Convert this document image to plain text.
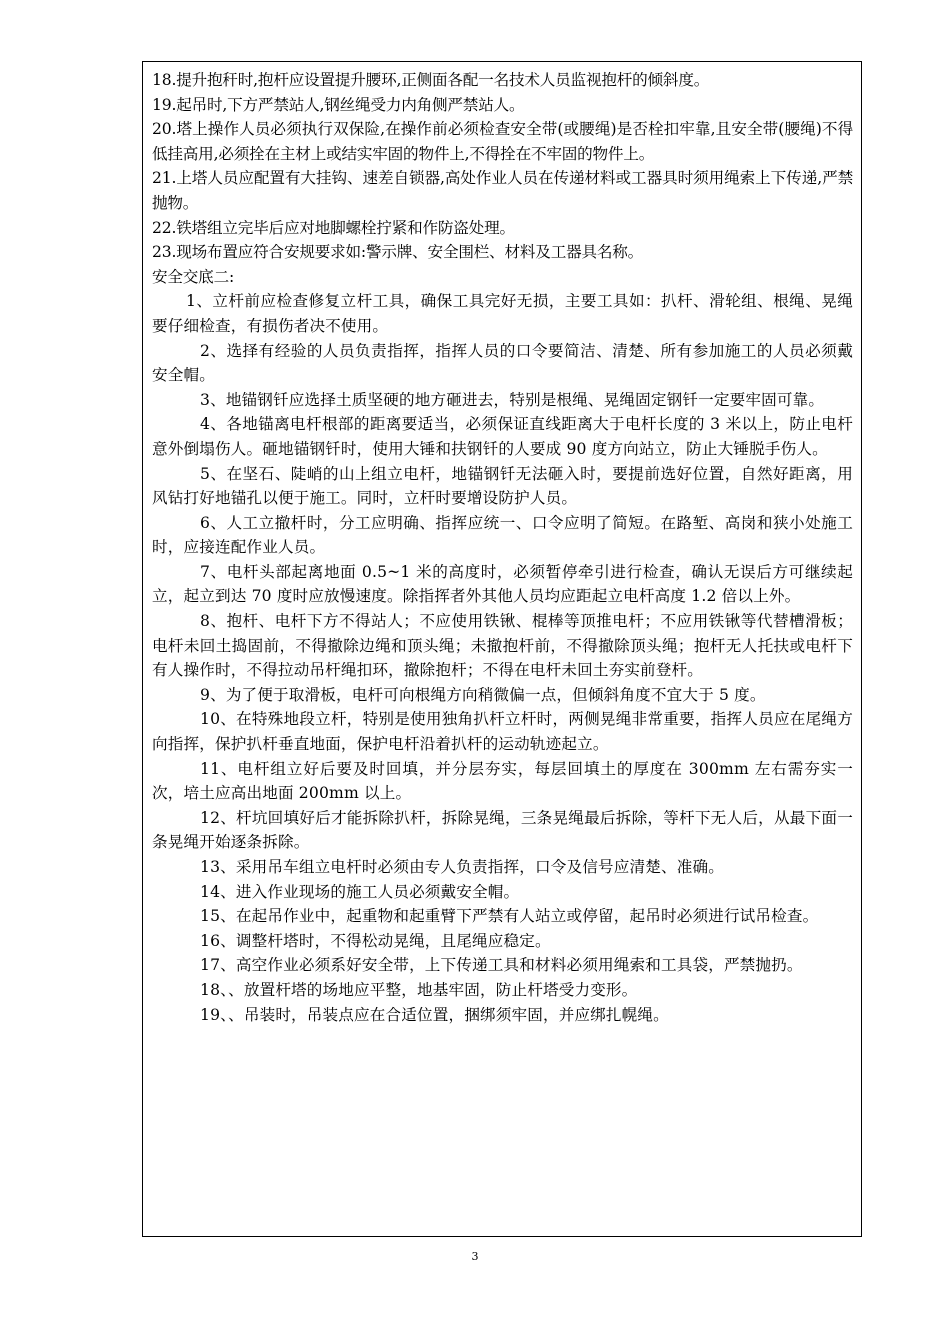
18.提升抱秆时,抱杆应设置提升腰环,正侧面各配一名技术人员监视抱杆的倾斜度。

19.起吊时,下方严禁站人,钢丝绳受力内角侧严禁站人。

20.塔上操作人员必须执行双保险,在操作前必须检查安全带(或腰绳)是否栓扣牢靠,且安全带(腰绳)不得低挂高用,必须拴在主材上或结实牢固的物件上,不得拴在不牢固的物件上。

21.上塔人员应配置有大挂钩、速差自锁器,高处作业人员在传递材料或工器具时须用绳索上下传递,严禁抛物。

22.铁塔组立完毕后应对地脚螺栓拧紧和作防盗处理。

23.现场布置应符合安规要求如:警示牌、安全围栏、材料及工器具名称。

安全交底二:

1、立杆前应检查修复立杆工具，确保工具完好无损，主要工具如：扒杆、滑轮组、根绳、晃绳要仔细检查，有损伤者决不使用。

2、选择有经验的人员负责指挥，指挥人员的口令要简洁、清楚、所有参加施工的人员必须戴安全帽。

3、地锚钢钎应选择土质坚硬的地方砸进去，特别是根绳、晃绳固定钢钎一定要牢固可靠。

4、各地锚离电杆根部的距离要适当，必须保证直线距离大于电杆长度的 3 米以上，防止电杆意外倒塌伤人。砸地锚钢钎时，使用大锤和扶钢钎的人要成 90 度方向站立，防止大锤脱手伤人。

5、在坚石、陡峭的山上组立电杆，地锚钢钎无法砸入时，要提前选好位置，自然好距离，用风钻打好地锚孔以便于施工。同时，立杆时要增设防护人员。

6、人工立撤杆时，分工应明确、指挥应统一、口令应明了简短。在路堑、高岗和狭小处施工时，应接连配作业人员。

7、电杆头部起离地面 0.5~1 米的高度时，必须暂停牵引进行检查，确认无误后方可继续起立，起立到达 70 度时应放慢速度。除指挥者外其他人员均应距起立电杆高度 1.2 倍以上外。

8、抱杆、电杆下方不得站人；不应使用铁锹、棍棒等顶推电杆；不应用铁锹等代替槽滑板；电杆未回土捣固前，不得撤除边绳和顶头绳；未撤抱杆前，不得撤除顶头绳；抱杆无人托扶或电杆下有人操作时，不得拉动吊杆绳扣环，撤除抱杆；不得在电杆未回土夯实前登杆。

9、为了便于取滑板，电杆可向根绳方向稍微偏一点，但倾斜角度不宜大于 5 度。

10、在特殊地段立杆，特别是使用独角扒杆立杆时，两侧晃绳非常重要，指挥人员应在尾绳方向指挥，保护扒杆垂直地面，保护电杆沿着扒杆的运动轨迹起立。

11、电杆组立好后要及时回填，并分层夯实，每层回填土的厚度在 300mm 左右需夯实一次，培土应高出地面 200mm 以上。

12、杆坑回填好后才能拆除扒杆，拆除晃绳，三条晃绳最后拆除，等杆下无人后，从最下面一条晃绳开始逐条拆除。

13、采用吊车组立电杆时必须由专人负责指挥，口令及信号应清楚、准确。

14、进入作业现场的施工人员必须戴安全帽。

15、在起吊作业中，起重物和起重臂下严禁有人站立或停留，起吊时必须进行试吊检查。

16、调整杆塔时，不得松动晃绳，且尾绳应稳定。

17、高空作业必须系好安全带，上下传递工具和材料必须用绳索和工具袋，严禁抛扔。

18、、放置杆塔的场地应平整，地基牢固，防止杆塔受力变形。

19、、吊装时，吊装点应在合适位置，捆绑须牢固，并应绑扎幌绳。

3
